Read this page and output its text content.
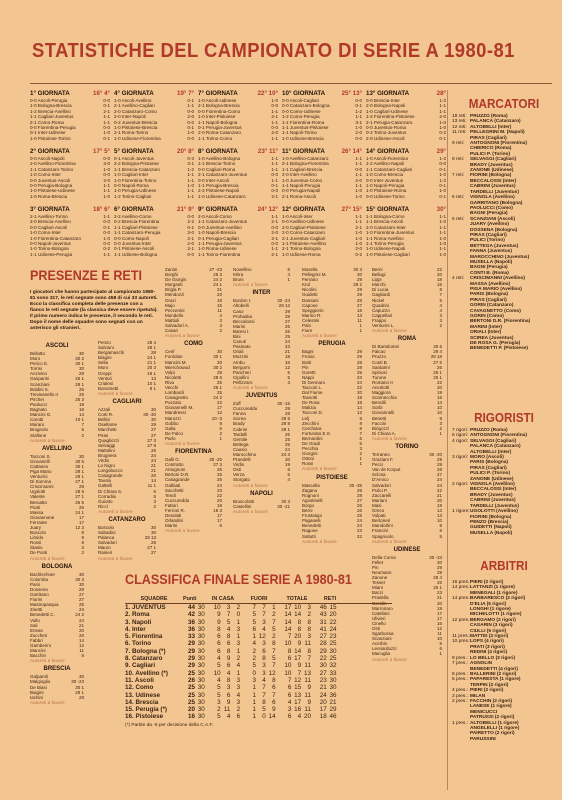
STATISTICHE DEL CAMPIONATO DI SERIE A 1980-81
1° GIORNATA	16° 4°
0-0 Ascoli-Perugia	0-0
1-0 Bologna-Brescia	0-1
1-2 Brescia-Avellino	2-1
1-1 Cagliari-Juventus	1-1
2-1 Como-Roma	1-1
0-0 Fiorentina-Perugia	0-0
0-1 Inter-Udinese	1-0
1-0 Pistoiese-Torino	0-1
4° GIORNATA	19° 7°
1-0 Ascoli-Avellino	0-1
2-1 Avellino-Cagliari	1-1
2-0 Catanzaro-Como	0-0
2-0 Inter-Napoli	2-0
0-2 Juventus-Brescia	0-0
1-0 Pistoiese-Brescia	0-1
2-1 Roma-Torino	1-0
1-0 Udinese-Fiorentina	0-0
7° GIORNATA	22° 10°
1-0 Ascoli-Udinese	1-0
2-1 Bologna-Brescia	0-0
0-0 Fiorentina-Como	1-1
1-0 Inter-Pistoiese	2-1
1-1 Napoli-Bologna	1-1
0-1 Perugia-Juventus	0-0
2-0 Roma-Catanzaro	2-0
1-1 Torino-Como	1-1
10° GIORNATA	25° 13°
0-0 Ascoli-Cagliari	0-0
0-0 Catanzaro-Bologna	0-1
0-0 Como-Udinese	1-2
1-2 Como-Perugia	1-1
1-1 Fiorentina-Roma	3-1
1-1 Juventus-Pistoiese	1-0
1-1 Napoli-Torino	2-0
1-0 Udinese-Brescia	0-0
13° GIORNATA	28°
0-0 Brescia-Inter	1-2
2-0 Bologna-Napoli	1-1
1-0 Cagliari-Udinese	1-1
1-2 Fiorentina-Pistoiese	2-0
2-1 Perugia-Catanzaro	1-0
0-0 Juventus-Roma	1-0
0-2 Torino-Juventus	0-2
2-0 Udinese-Ascoli	0-1
2° GIORNATA	17° 5°
0-0 Ascoli-Napoli	0-0
2-0 Avellino-Fiorentina	3-0
1-1 Catanzaro-Torino	1-0
1-0 Como-Inter	0-0
0-0 Juventus-Ascoli	2-0
0-0 Perugia-Bologna	1-1
1-0 Pistoiese-Udinese	1-1
1-0 Roma-Brescia	1-0
5° GIORNATA	20° 8°
0-1 Ascoli-Juventus	0-3
2-2 Bologna-Pistoiese	3-1
1-1 Brescia-Catanzaro	1-2
1-0 Cagliari-Inter	1-1
1-0 Fiorentina-Torino	1-1
0-0 Napoli-Roma	1-0
1-0 Perugia-Udinese	1-1
1-2 Torino-Cagliari	1-1
8° GIORNATA	23° 11°
1-0 Avellino-Bologna	1-1
1-1 Brescia-Torino	1-1
0-0 Cagliari-Roma	1-1
2-1 Catanzaro-Juventus	0-0
0-0 Inter-Ascoli	1-1
1-1 Perugia-Brescia	0-1
2-2 Pistoiese-Napoli	0-0
1-0 Udinese-Catanzaro	2-1
11° GIORNATA	26° 14°
1-0 Avellino-Catanzaro	1-1
2-1 Bologna-Fiorentina	1-1
1-1 Cagliari-Brescia	0-0
2-0 Inter-Avellino	1-1
1-0 Juventus-Como	2-0
1-1 Napoli-Perugia	1-1
0-0 Perugia-Napoli	1-0
2-1 Roma-Ascoli	1-0
14° GIORNATA	29°
1-0 Ascoli-Fiorentina	1-2
1-2 Avellino-Napoli	0-0
1-1 Catanzaro-Cagliari	0-1
1-0 Como-Brescia	1-0
0-0 Inter-Juventus	1-2
1-0 Napoli-Perugia	0-1
1-0 Pistoiese-Roma	1-0
0-0 Udinese-Torino	0-1
3° GIORNATA	18° 6°
2-1 Avellino-Torino	1-1
2-0 Brescia-Avellino	0-0
0-0 Cagliari-Ascoli	0-1
1-0 Como-Inter	0-0
1-0 Fiorentina-Catanzaro	1-0
0-0 Napoli-Juventus	0-0
1-0 Torino-Bologna	0-2
1-1 Udinese-Perugia	1-1
6° GIORNATA	21° 9°
2-2 Avellino-Como	0-0
0-2 Brescia-Fiorentina	2-2
1-1 Cagliari-Pistoiese	0-1
1-1 Catanzaro-Perugia	3-0
0-0 Como-Napoli	2-1
0-0 Juventus-Inter	2-0
0-1 Pistoiese-Ascoli	2-1
1-1 Udinese-Bologna	0-0
9° GIORNATA	24° 12°
2-0 Ascoli-Como	1-1
1-1 Catanzaro-Juventus	2-1
0-0 Juventus-Avellino	0-0
1-0 Napoli-Brescia	2-0
0-1 Perugia-Cagliari	2-1
1-1 Perugia-Juventus	0-0
1-0 Roma-Udinese	1-1
1-1 Torino-Fiorentina	2-1
12° GIORNATA	27° 15°
1-0 Ascoli-Inter	1-1
0-0 Avellino-Udinese	1-1
2-0 Cagliari-Pistoiese	2-1
2-0 Como-Catanzaro	1-0
2-1 Juventus-Cagliari	1-0
1-1 Pistoiese-Avellino	1-0
2-1 Torino-Bologna	2-0
1-0 Udinese-Roma	0-2
15° GIORNATA	30°
1-1 Bologna-Como	1-1
1-1 Brescia-Ascoli	1-0
2-0 Catanzaro-Inter	1-1
1-0 Fiorentina-Juventus	1-1
1-1 Roma-Avellino	1-0
1-1 Torino-Perugia	1-0
1-0 Udinese-Napoli	1-1
1-0 Pistoiese-Cagliari	1-0
PRESENZE E RETI
I giocatori che hanno partecipato al campionato 1980-81 sono 317, le reti segnate sono 458 di cui 33 autoreti. Ecco la classifica completa delle presenze con a fianco le reti segnate (la classica deve essere ripetuta). Il primo numero indica le presenze, il secondo le reti. Dopo il nome delle squadre sono segnati con un asterisco gli stranieri.
ASCOLI
Bellotto	30
Moro	30 2
Perico E.	30 1
Torrisi	30
Anzivino	29
Gasparini	26 1
Scanziani	28 1
Boldini S.	26
Trevisanello II	26
Pircher	25 3
Paolucci	19
Bagnato	16
Mancini G.	14
Carotti	10 1
Muraro	7
Brugnolo	5
Stallone	2
Autoreti a favore
AVELLINO
Tacconi S.	30
Giovanelli	30 5
Cattaneo	30 1
Piga Mario	29 1
Venturini	29 1
Di Somma	27 1
Criscimanni	28
Ugolotti	28 5
Valente	27 1
Beruatto	26 5
Piotti	25
Massa	24 1
Giovannone	17
Ferrante	17
Juary	12 3
Boscolo	8
Limido	9
Rossi	8
Stasio	3
De Ponti	2
Autoreti a favore
BOLOGNA
Bachlechner	30
Colomba	30 3
Paris	30
Dossena	29
Garritano	27
Fiorini	27
Mastropasqua	25
Zinetti	24
Benedetti C.	24 2
Vullo	24
Sali	21
Eneas	20
Zuccheri	20
Fabbri	14
Gamberini	12
Mancini	11
Bacchin	8
Autoreti a favore
BRESCIA
Galparoli	30
Malgioglio	30 -23
De Biasi	30 1
Biagini	29 1
Iachini	28
Autoreti a favore
Penzo	28 4
Salvioni	28 1
Bergamaschi	28
Biagini	24 1
Sella	21 1
Moro	20 3
Groppi	19 1
Venturi	13
Crialesi	10 1
Bonometti	8 1
Autoreti a favore
CAGLIARI
Azzali	30
Corti R.	30 -30
Bellini	30
Osellame	29
Marchetti	27
Piras	27
Quagliozzi	27 3
Selvaggi	27 8
Mattolini	26
Brugnera	24
Virdis	24
Lo Nigro	21
Longobucco	21
Casagrande	20
Tavola	14
Gattelli	11 1
Di Chiara S.	6
Corradini	5
Guiotto	3
Riccl	2
Autoreti a favore
CATANZARO
Boscolo	30
Sabadini	30
Palanca	28 13
Salvadori	28
Mauro	27 1
Ranieri	27
Autoreti a favore
Zanini	27 -23
Borghi	25 3
De Giorgis	24 2
Morganti	24 1
Brigla P.	21
Mendozzi	20
Orazi	18
Majo	15
Peccenini	11
Mondello	4
Mattioli	3
Salvadori A.	3
Casari	2
Autoreti a favore
COMO
Cenf	30
Fontolan	30 1
Mancini M.	30
Wierchowod	30 2
Volpi	29
Nicoletti	28 6
Riva	25
Vecchi	26 1
Lombardi	25
Cavagnetto	24 2
Pozzato	22
Giovannelli M.	17
Mandressi	12
Marozzi	10 -3
Gobbo	8
Galia	6
De Falco	2
Parlo	1
Autoreti a favore
FIORENTINA
Galli G.	30 -25
Contratto	27 3
Antognoni	26
Bertoni D.R.	25
Casagrande	25
Galbiati	24
Sacchetti	23
Tendi	22
Cuccureddu	20
Fattori	18
Ferroni R.	18 3
Desolati	17
Orlandini	17
Marini	6
Autoreti a favore
Novellino	6
Mirra	4
Bruni	1
Autoreti a favore
INTER
Bordon I.	30 -24
Altobelli	29 12
Caso	29
Prohaska	28
Beccalossi	27
Marini	26
Baresi I.	26
Bini	25
Canuti	24
Pasinato	23
Oriali	21
Mozzini	18
Ambu	16
Bergomi	12
Pancheri	5
Cipollini	5
Pellizzaro	3
Autoreti a favore
JUVENTUS
Zoff	30 -15
Cuccureddu	29
Fanna	29
Scirea	29 5
Brady	28 8
Cabrini	28 1
Tardelli	26
Gentile	25
Bettega	25
Causio	24
Marocchino	24 3
Prandelli	20
Virdis	19
Osti	6
Verza	6
Storgato	4
Autoreti a favore
NAPOLI
Bruscolotti	30 3
Castellini	30 -21
Autoreti a favore
Musella	30 3
Pellegrini M.	30
Ferrario	29
Krol	29 2
Nicolini	29
Guidetti	29
Damiani	28
Capone	27
Speggiorin	18
Marino R.	13
Celestini	11
Palo	1
Fiore	1
Autoreti a favore
PERUGIA
Bagni	29
Frosio	29
Botti	28
Pin	28
Goretti	25
Nappi	23
Di Gennaro	24
Tacconi L.	22
Dal Fiume	20
Tassotti	19
De Rosa	18
Malizia	14
Tacconi D.	12
Lelj	9
Zecchini	8
Cerchiara	8
Fortunato E.S.	7
Bernardini	6
De Gradi	5
Pecchia	3
Giorgini	2
Ottoni	1
Rossi	1
Autoreti a favore
PISTOIESE
Mascella	30 -35
Zagano	29
Rognoni	28
Agostinelli	27
Borgo	26
Berni	26
Frustalupi	25
Paganelli	24
Benedetti	24
Ragone	23
Saltutti	22
Autoreti a favore
Berni	22
Bellugi	20
Lippi	18
Marchi	16
Di Lucia	8
Gagliardi	7
Nickel	5
Quadrini	4
Capuzzo	4
Cappellari	3
Frappo	3
Venturini L.	2
Autoreti a favore
ROMA
Di Bartolomei	30 6
Falcao	29 4
Pruzzo	28 18
Conti B.	27 6
Santarini	26
Spinosi	26 1
Turone	25 1
Romano II	22
Ancelotti	20
Maggiora	19
Scarnecchia	16
Bencilli	14
Sorbi	10
Giovannelli	10
Benetti	9
Faccini	3
Birigozzi	2
Di Chiara A.	1
Autoreti a favore
TORINO
Terraneo	30 -20
Graziani F.	29
Pecci	29
Van de Korput	28
Sclosa	27
D'Amico	24
Salvadori	24
Pulici P.	22
Zaccarelli	21
Mariani	20
Masi	19
Greco	13
Volpati	13
Bertoneri	10
Mandorlini	9
Francini	6
Spagnuolo	5
Autoreti a favore
UDINESE
Della Corna	30 -33
Fellet	30
Pin	29
Neumann	28
Zanone	28 4
Tesser	26
Miani	25 1
Bacci	23
Pradella	21
Gerolin	20
Marronaro	19
Catellani	17
Ulivieri	17
Cinello	16
Osti	12
Sgarbossa	11
Scanziani	10
Acerbis	8
Leonarduzzi	6
Macuglia	1
Autoreti a favore
CLASSIFICA FINALE SERIE A 1980-81
SQUADRE	Punti	IN CASA	FUORI	TOTALE	RETI
1. JUVENTUS	44 30	10 3 2	7 7 1	17 10 3	46 15
2. Roma	42 30	9 7 0	5 7 2	14 14 2	43 20
3. Napoli	36 30	9 5 1	5 3 7	14 8 8	31 22
4. Inter	36 30	8 4 3	6 4 5	14 8 8	41 24
5. Fiorentina	33 30	6 8 1	1 12 2	7 20 3	27 23
6. Torino	29 30	6 6 3	4 3 8	10 9 11	28 25
7. Bologna (*)	29 30	6 8 1	2 6 7	8 14 8	29 30
8. Catanzaro	29 30	4 9 2	2 8 5	6 17 7	22 25
9. Cagliari	29 30	5 6 4	5 3 7	10 9 11	30 32
10. Avellino (*)	25 30	10 4 1	0 3 12	10 7 13	27 33
11. Ascoli	26 30	4 8 3	3 4 8	7 12 11	23 30
12. Como	25 30	5 3 3	1 7 6	6 15 9	21 30
13. Udinese	25 30	5 6 4	1 7 7	6 13 11	24 36
14. Brescia	25 30	3 9 3	1 8 6	4 17 9	20 21
15. Perugia (*)	20 30	2 11 2	1 5 9	3 16 11	17 29
16. Pistoiese	16 30	5 4 6	1 0 14	6 4 20	18 46
(*) Partite da -5 per decisione della C.A.F.
MARCATORI
18 reti: PRUZZO (Roma)
13 reti: PALANCA (Catanzaro)
12 reti: ALTOBELLI (Inter)
11 reti: PELLEGRINI M. (Napoli)
PIRAS (Cagliari)
9 reti:	ANTOGNONI (Fiorentina)
CHIERICO (Roma)
PULICI P. (Torino)
8 reti:	SELVAGGI (Cagliari)
BRADY (Juventus)
ZANONE (Udinese)
7 reti:	FIORINI (Bologna)
BECCALOSSI (Inter)
CABRINI (Juventus)
TARDELLI (Juventus)
6 reti:	VIGNOLA (Avellino)
GARRITANO (Bologna)
PAOLUCCI (Como)
BAGNI (Perugia)
5 reti:	SCANZIANI (Ascoli)
JUARY (Avellino)
DOSSENA (Bologna)
PIRAS (Cagliari)
PULICI (Torino)
BETTEGA (Juventus)
FANNA (Juventus)
MAROCCHINO (Juventus)
MUSELLA (Napoli)
BAGNI (Perugia)
CONTI B. (Roma)
4 reti:	CRISCIMANNI (Avellino)
MASSA (Avellino)
PIGA MARIO (Avellino)
PARIS (Bologna)
PIRAS (Cagliari)
GORIN (Catanzaro)
CAVAGNETTO (Como)
GORIN (Como)
BERTONI D.R. (Fiorentina)
MARINI (Inter)
ORIALI (Inter)
SCIREA (Juventus)
DE ROSA G. (Perugia)
BENEDETTI P. (Pistoiese)
RIGORISTI
7 rigori: PRUZZO (Roma)
6 rigori: ANTOGNONI (Fiorentina)
4 rigori: SELVAGGI (Cagliari)
PALANCA (Catanzaro)
ALTOBELLI (Inter)
3 rigori: MORO (Ascoli)
PARIS (Bologna)
PIRAS (Cagliari)
PULICI P. (Torino)
ZANONE (Udinese)
2 rigori: VIGNOLA (Avellino)
BECCALOSSI (Inter)
BRADY (Juventus)
CABRINI (Juventus)
TARDELLI (Juventus)
1 rigore: UGOLOTTI (Avellino)
FIORINI (Bologna)
PENZO (Brescia)
GUIDETTI (Napoli)
MUSELLA (Napoli)
ARBITRI
16 pres.: PIERI (2 rigori)
14 pres.: LATTANZI (1 rigore)
MENEGALI (1 rigore)
14 pres.: BARBARESCO (2 rigori)
D'ELIA (5 rigori)
LONGHI (1 rigore)
MICHELOTTI (1 rigore)
12 pres.: BERGAMO (2 rigori)
CASARIN (3 rigori)
CIULLI (5 rigori)
11 pres.: MATTEI (3 rigori)
10 pres.: LOPS (4 rigori)
PRATI (3 rigori)
REDINI (4 rigori)
9 pres.: LO BELLO (3 rigori)
7 pres.: AGNOLIN
BENEDETTI (4 rigori)
6 pres.: BALLERINI (2 rigori)
5 pres.: PAPARESTA (1 rigore)
TERPIN (2 rigori)
4 pres.: PIERI (2 rigori)
3 pres.: MILAN
2 pres.: FACCHIN (2 rigori)
LANESE (1 rigore)
MENICUCCI
PATRUSSI (2 rigori)
1 pres.: ALTOBELLI (1 rigore)
ANGELELLI (1 rigore)
PAIRETTO (2 rigori)
PARUSSINI
